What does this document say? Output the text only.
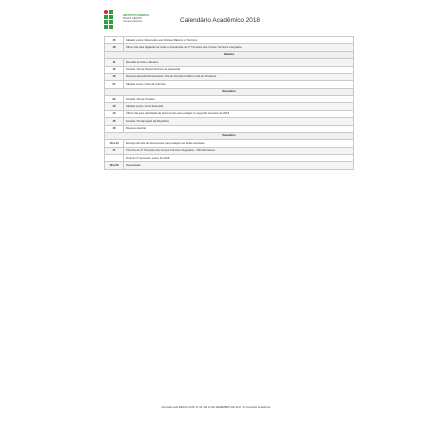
INSTITUTO FEDERAL
MINAS GERAIS
Campus Bambuí	Calendário Acadêmico 2018
15	Sábado Letivo: Reservado aos Núcleos Básicos e Técnicos
16	Último dia para digitação de notas e frequências do 2º Trimestre dos Cursos Técnicos Integrados
Outubro	
11	Reunião de Pais e Mestres
12	Feriado: Dia de Nossa Senhora de Aparecida
15	Recesso Escolar/Administrativo: Dia do Servidor Público e Dia do Professor
27	Sábado Letivo: Feira de Ciências
Novembro	
02	Feriado: Dia de Finados
10	Sábado Letivo: Curta Extensão
14	Último dia para solicitação de documentos para estágio no segundo semestre de 2018
15	Feriado: Proclamação da República
16	Recesso Escolar
Dezembro	
10 a 14	Entrega dos kits de documentos para estágio nas férias escolares
17	Término do 3º Trimestre dos Cursos Técnicos Integrados - 200 dias letivos
	Final do 2º Semestre Letivo de 2018
18 a 20	Reavaliação
Aprovado pela RESOLUÇÃO Nº 03, DE 11 DE DEZEMBRO DE 2017, do Conselho Acadêmico
